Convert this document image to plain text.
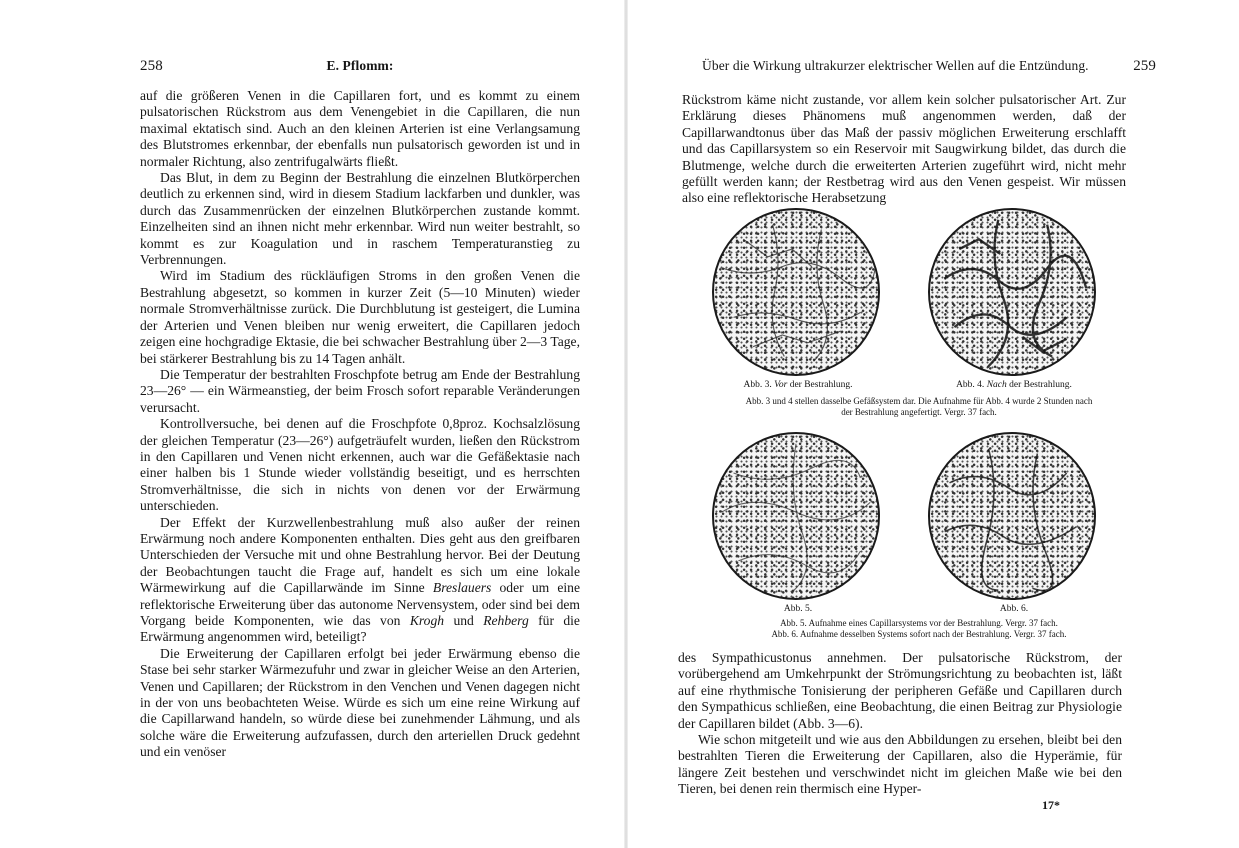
258	E. Pflomm:

auf die größeren Venen in die Capillaren fort, und es kommt zu einem pulsatorischen Rückstrom aus dem Venengebiet in die Capillaren, die nun maximal ektatisch sind. Auch an den kleinen Arterien ist eine Verlangsamung des Blutstromes erkennbar, der ebenfalls nun pulsatorisch geworden ist und in normaler Richtung, also zentrifugalwärts fließt.

Das Blut, in dem zu Beginn der Bestrahlung die einzelnen Blutkörperchen deutlich zu erkennen sind, wird in diesem Stadium lackfarben und dunkler, was durch das Zusammenrücken der einzelnen Blutkörperchen zustande kommt. Einzelheiten sind an ihnen nicht mehr erkennbar. Wird nun weiter bestrahlt, so kommt es zur Koagulation und in raschem Temperaturanstieg zu Verbrennungen.

Wird im Stadium des rückläufigen Stroms in den großen Venen die Bestrahlung abgesetzt, so kommen in kurzer Zeit (5—10 Minuten) wieder normale Stromverhältnisse zurück. Die Durchblutung ist gesteigert, die Lumina der Arterien und Venen bleiben nur wenig erweitert, die Capillaren jedoch zeigen eine hochgradige Ektasie, die bei schwacher Bestrahlung über 2—3 Tage, bei stärkerer Bestrahlung bis zu 14 Tagen anhält.

Die Temperatur der bestrahlten Froschpfote betrug am Ende der Bestrahlung 23—26° — ein Wärmeanstieg, der beim Frosch sofort reparable Veränderungen verursacht.

Kontrollversuche, bei denen auf die Froschpfote 0,8proz. Kochsalzlösung der gleichen Temperatur (23—26°) aufgeträufelt wurden, ließen den Rückstrom in den Capillaren und Venen nicht erkennen, auch war die Gefäßektasie nach einer halben bis 1 Stunde wieder vollständig beseitigt, und es herrschten Stromverhältnisse, die sich in nichts von denen vor der Erwärmung unterschieden.

Der Effekt der Kurzwellenbestrahlung muß also außer der reinen Erwärmung noch andere Komponenten enthalten. Dies geht aus den greifbaren Unterschieden der Versuche mit und ohne Bestrahlung hervor. Bei der Deutung der Beobachtungen taucht die Frage auf, handelt es sich um eine lokale Wärmewirkung auf die Capillarwände im Sinne Breslauers oder um eine reflektorische Erweiterung über das autonome Nervensystem, oder sind bei dem Vorgang beide Komponenten, wie das von Krogh und Rehberg für die Erwärmung angenommen wird, beteiligt?

Die Erweiterung der Capillaren erfolgt bei jeder Erwärmung ebenso die Stase bei sehr starker Wärmezufuhr und zwar in gleicher Weise an den Arterien, Venen und Capillaren; der Rückstrom in den Venchen und Venen dagegen nicht in der von uns beobachteten Weise. Würde es sich um eine reine Wirkung auf die Capillarwand handeln, so würde diese bei zunehmender Lähmung, und als solche wäre die Erweiterung aufzufassen, durch den arteriellen Druck gedehnt und ein venöser

Über die Wirkung ultrakurzer elektrischer Wellen auf die Entzündung.	259

Rückstrom käme nicht zustande, vor allem kein solcher pulsatorischer Art. Zur Erklärung dieses Phänomens muß angenommen werden, daß der Capillarwandtonus über das Maß der passiv möglichen Erweiterung erschlafft und das Capillarsystem so ein Reservoir mit Saugwirkung bildet, das durch die Blutmenge, welche durch die erweiterten Arterien zugeführt wird, nicht mehr gefüllt werden kann; der Restbetrag wird aus den Venen gespeist. Wir müssen also eine reflektorische Herabsetzung

Abb. 3. Vor der Bestrahlung.	Abb. 4. Nach der Bestrahlung.
Abb. 3 und 4 stellen dasselbe Gefäßsystem dar. Die Aufnahme für Abb. 4 wurde 2 Stunden nach
der Bestrahlung angefertigt. Vergr. 37 fach.
Abb. 5.	Abb. 6.
Abb. 5. Aufnahme eines Capillarsystems vor der Bestrahlung. Vergr. 37 fach.
Abb. 6. Aufnahme desselben Systems sofort nach der Bestrahlung. Vergr. 37 fach.

des Sympathicustonus annehmen. Der pulsatorische Rückstrom, der vorübergehend am Umkehrpunkt der Strömungsrichtung zu beobachten ist, läßt auf eine rhythmische Tonisierung der peripheren Gefäße und Capillaren durch den Sympathicus schließen, eine Beobachtung, die einen Beitrag zur Physiologie der Capillaren bildet (Abb. 3—6).

Wie schon mitgeteilt und wie aus den Abbildungen zu ersehen, bleibt bei den bestrahlten Tieren die Erweiterung der Capillaren, also die Hyperämie, für längere Zeit bestehen und verschwindet nicht im gleichen Maße wie bei den Tieren, bei denen rein thermisch eine Hyper-

17*
